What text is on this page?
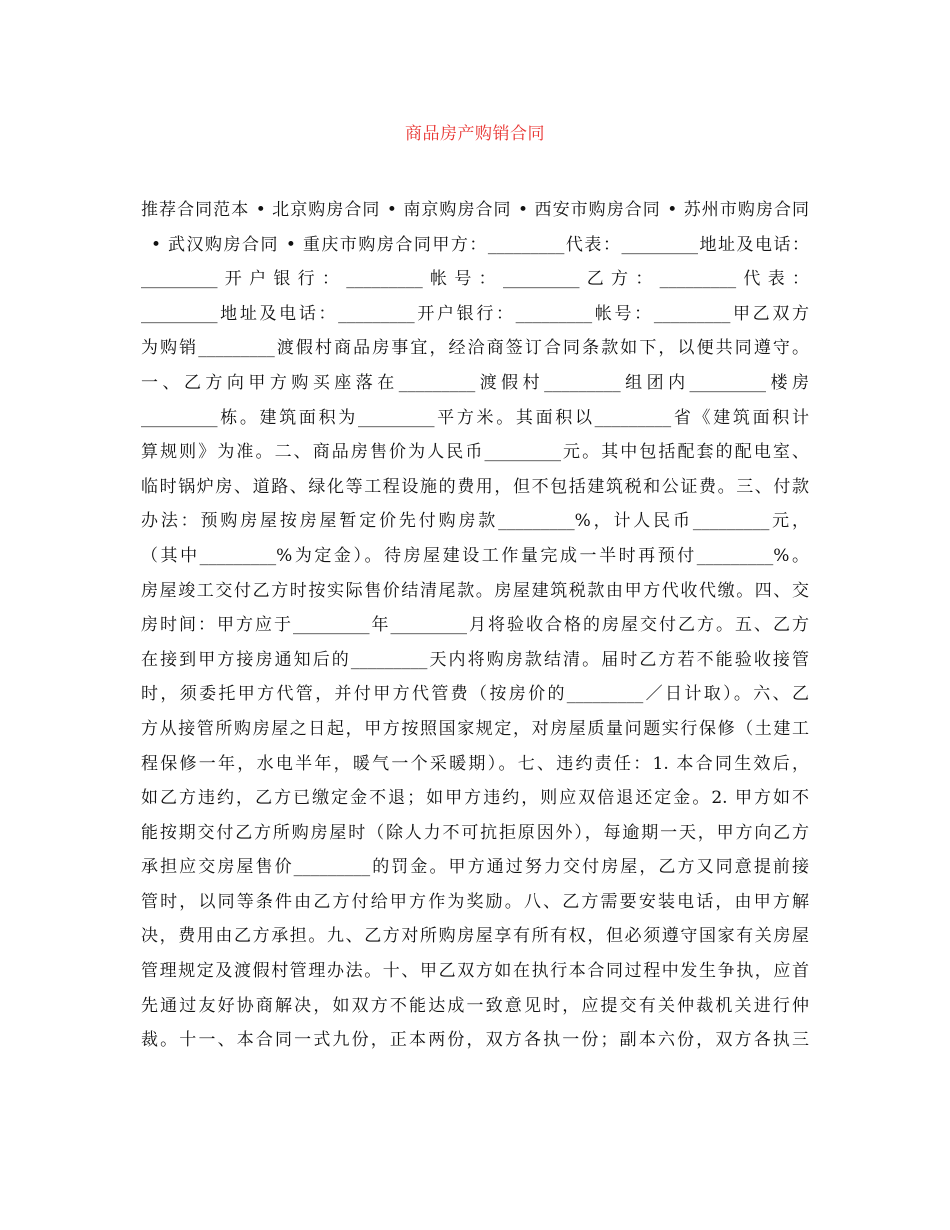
商品房产购销合同
推荐合同范本 • 北京购房合同 • 南京购房合同 • 西安市购房合同 • 苏州市购房合同
• 武汉购房合同 • 重庆市购房合同甲方：_________代表：_________地址及电话：
_________开户银行：_________帐号：_________乙方：_________代表：
_________地址及电话：_________开户银行：_________帐号：_________甲乙双方
为购销_________渡假村商品房事宜，经洽商签订合同条款如下，以便共同遵守。
一、乙方向甲方购买座落在_________渡假村_________组团内_________楼房
_________栋。建筑面积为_________平方米。其面积以_________省《建筑面积计
算规则》为准。二、商品房售价为人民币_________元。其中包括配套的配电室、
临时锅炉房、道路、绿化等工程设施的费用，但不包括建筑税和公证费。三、付款
办法：预购房屋按房屋暂定价先付购房款_________%，计人民币_________元，
（其中_________%为定金）。待房屋建设工作量完成一半时再预付_________%。
房屋竣工交付乙方时按实际售价结清尾款。房屋建筑税款由甲方代收代缴。四、交
房时间：甲方应于_________年_________月将验收合格的房屋交付乙方。五、乙方
在接到甲方接房通知后的_________天内将购房款结清。届时乙方若不能验收接管
时，须委托甲方代管，并付甲方代管费（按房价的_________／日计取）。六、乙
方从接管所购房屋之日起，甲方按照国家规定，对房屋质量问题实行保修（土建工
程保修一年，水电半年，暖气一个采暖期）。七、违约责任：1. 本合同生效后，
如乙方违约，乙方已缴定金不退；如甲方违约，则应双倍退还定金。2. 甲方如不
能按期交付乙方所购房屋时（除人力不可抗拒原因外），每逾期一天，甲方向乙方
承担应交房屋售价_________的罚金。甲方通过努力交付房屋，乙方又同意提前接
管时，以同等条件由乙方付给甲方作为奖励。八、乙方需要安装电话，由甲方解
决，费用由乙方承担。九、乙方对所购房屋享有所有权，但必须遵守国家有关房屋
管理规定及渡假村管理办法。十、甲乙双方如在执行本合同过程中发生争执，应首
先通过友好协商解决，如双方不能达成一致意见时，应提交有关仲裁机关进行仲
裁。十一、本合同一式九份，正本两份，双方各执一份；副本六份，双方各执三
